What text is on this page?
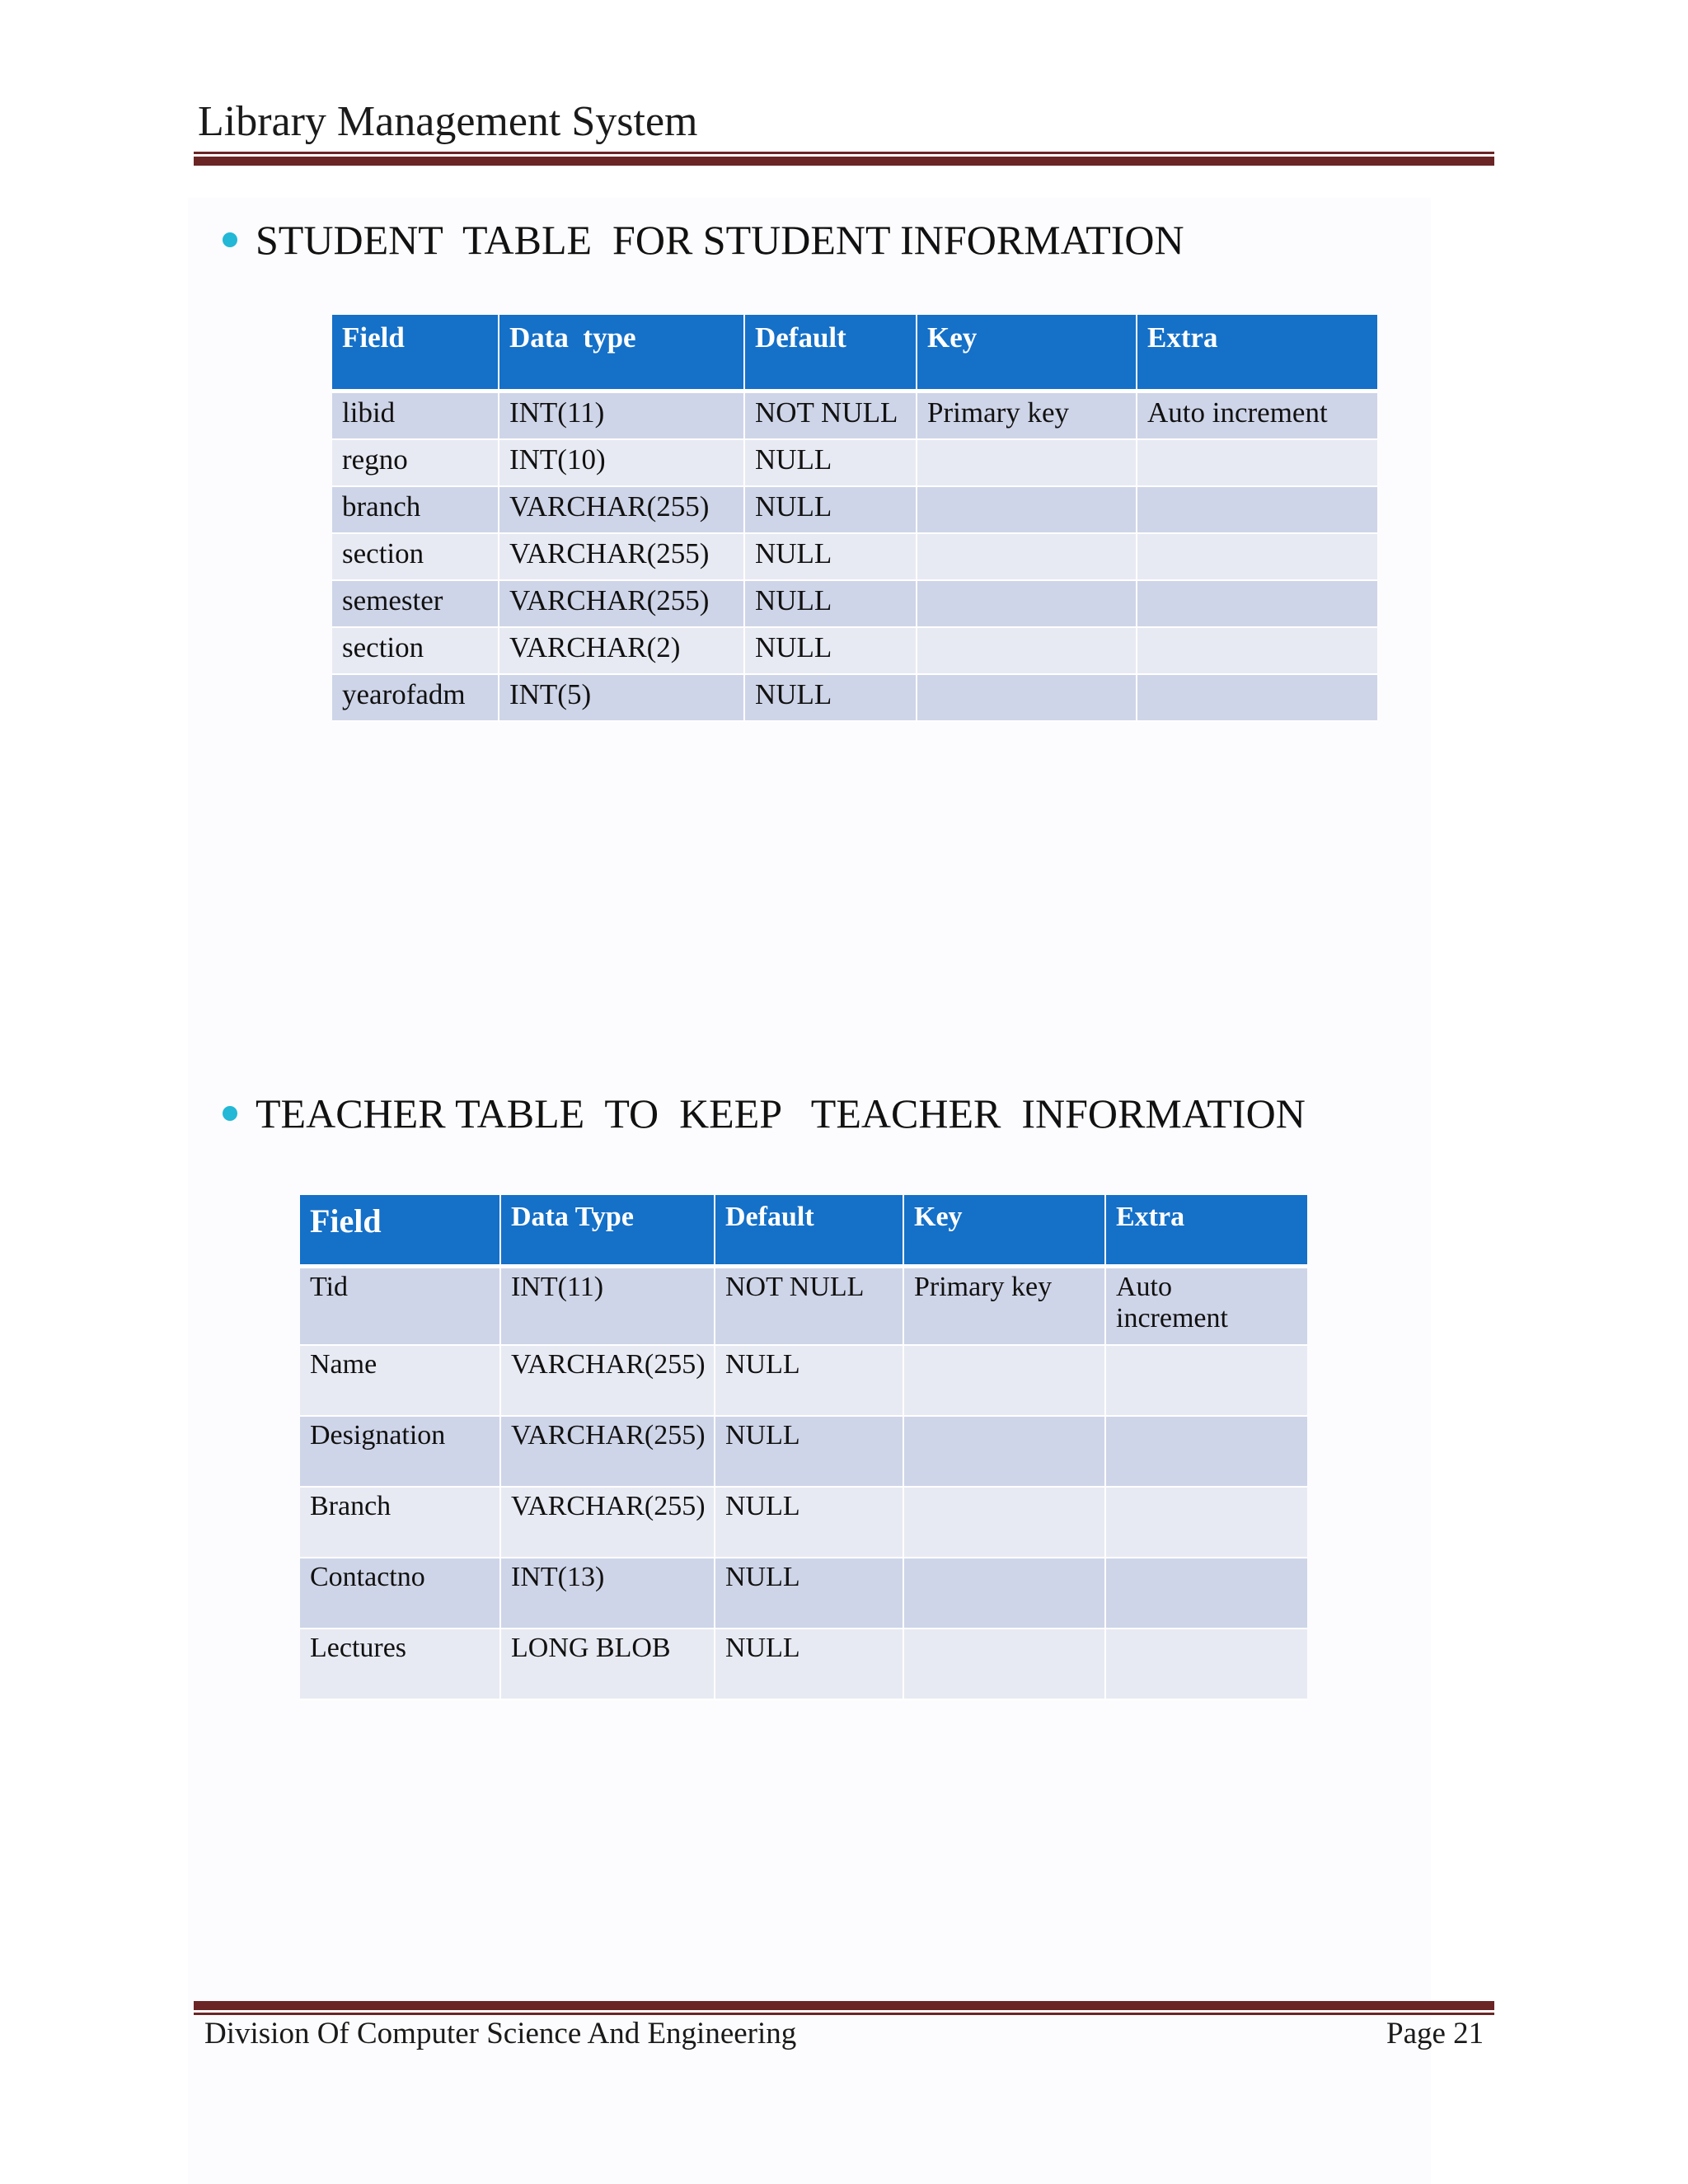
Library Management System
STUDENT  TABLE  FOR STUDENT INFORMATION
Field	Data  type	Default	Key	Extra
libid	INT(11)	NOT NULL	Primary key	Auto increment
regno	INT(10)	NULL		
branch	VARCHAR(255)	NULL		
section	VARCHAR(255)	NULL		
semester	VARCHAR(255)	NULL		
section	VARCHAR(2)	NULL		
yearofadm	INT(5)	NULL		
TEACHER TABLE  TO  KEEP   TEACHER  INFORMATION
Field	Data Type	Default	Key	Extra
Tid	INT(11)	NOT NULL	Primary key	Auto increment
Name	VARCHAR(255)	NULL		
Designation	VARCHAR(255)	NULL		
Branch	VARCHAR(255)	NULL		
Contactno	INT(13)	NULL		
Lectures	LONG BLOB	NULL		
Division Of Computer Science And Engineering	Page 21
